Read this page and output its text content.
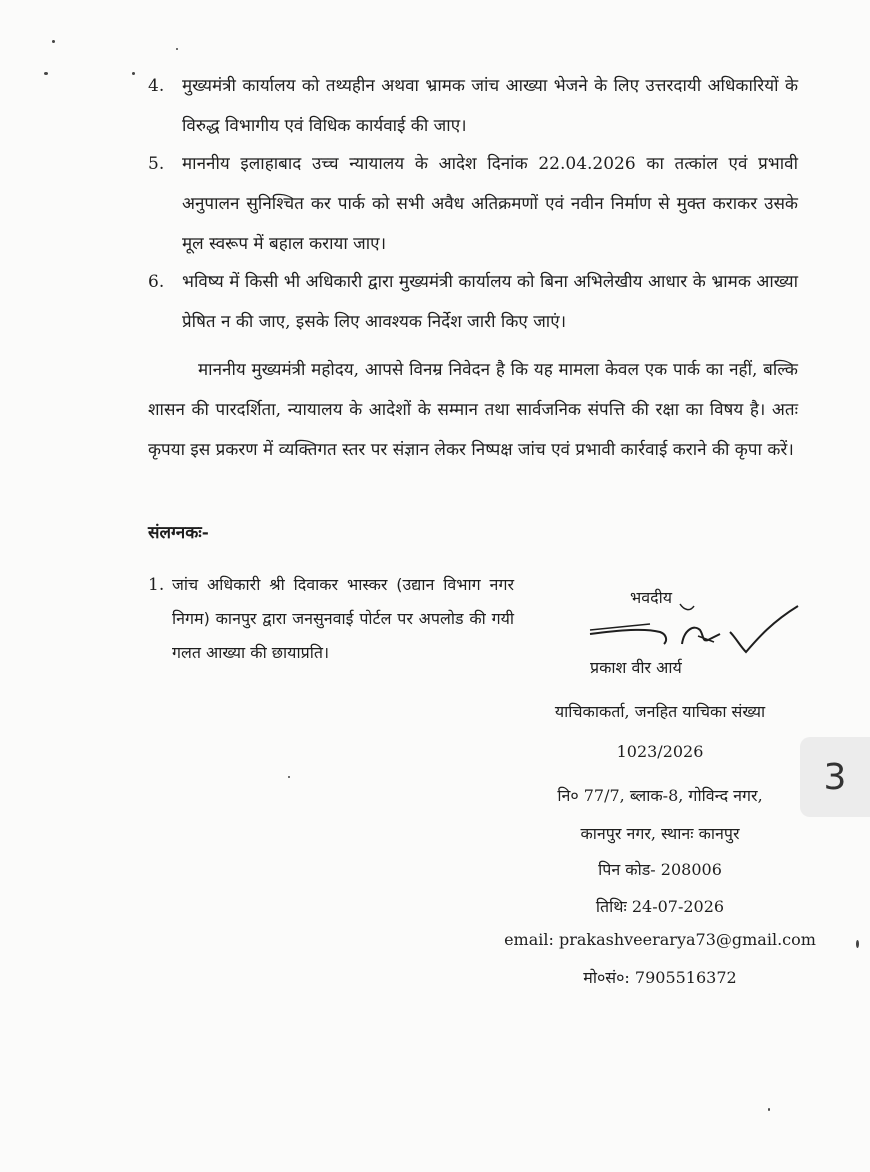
4. मुख्यमंत्री कार्यालय को तथ्यहीन अथवा भ्रामक जांच आख्या भेजने के लिए उत्तरदायी अधिकारियों के विरुद्ध विभागीय एवं विधिक कार्यवाई की जाए।
5. माननीय इलाहाबाद उच्च न्यायालय के आदेश दिनांक 22.04.2026 का तत्कांल एवं प्रभावी अनुपालन सुनिश्चित कर पार्क को सभी अवैध अतिक्रमणों एवं नवीन निर्माण से मुक्त कराकर उसके मूल स्वरूप में बहाल कराया जाए।
6. भविष्य में किसी भी अधिकारी द्वारा मुख्यमंत्री कार्यालय को बिना अभिलेखीय आधार के भ्रामक आख्या प्रेषित न की जाए, इसके लिए आवश्यक निर्देश जारी किए जाएं।
माननीय मुख्यमंत्री महोदय, आपसे विनम्र निवेदन है कि यह मामला केवल एक पार्क का नहीं, बल्कि शासन की पारदर्शिता, न्यायालय के आदेशों के सम्मान तथा सार्वजनिक संपत्ति की रक्षा का विषय है। अतः कृपया इस प्रकरण में व्यक्तिगत स्तर पर संज्ञान लेकर निष्पक्ष जांच एवं प्रभावी कार्रवाई कराने की कृपा करें।
संलग्नकः-
1. जांच अधिकारी श्री दिवाकर भास्कर (उद्यान विभाग नगर निगम) कानपुर द्वारा जनसुनवाई पोर्टल पर अपलोड की गयी गलत आख्या की छायाप्रति।
भवदीय
प्रकाश वीर आर्य
याचिकाकर्ता, जनहित याचिका संख्या
1023/2026
नि० 77/7, ब्लाक-8, गोविन्द नगर,
कानपुर नगर, स्थानः कानपुर
पिन कोड- 208006
तिथिः 24-07-2026
email: prakashveerarya73@gmail.com
मो०सं०: 7905516372
3
